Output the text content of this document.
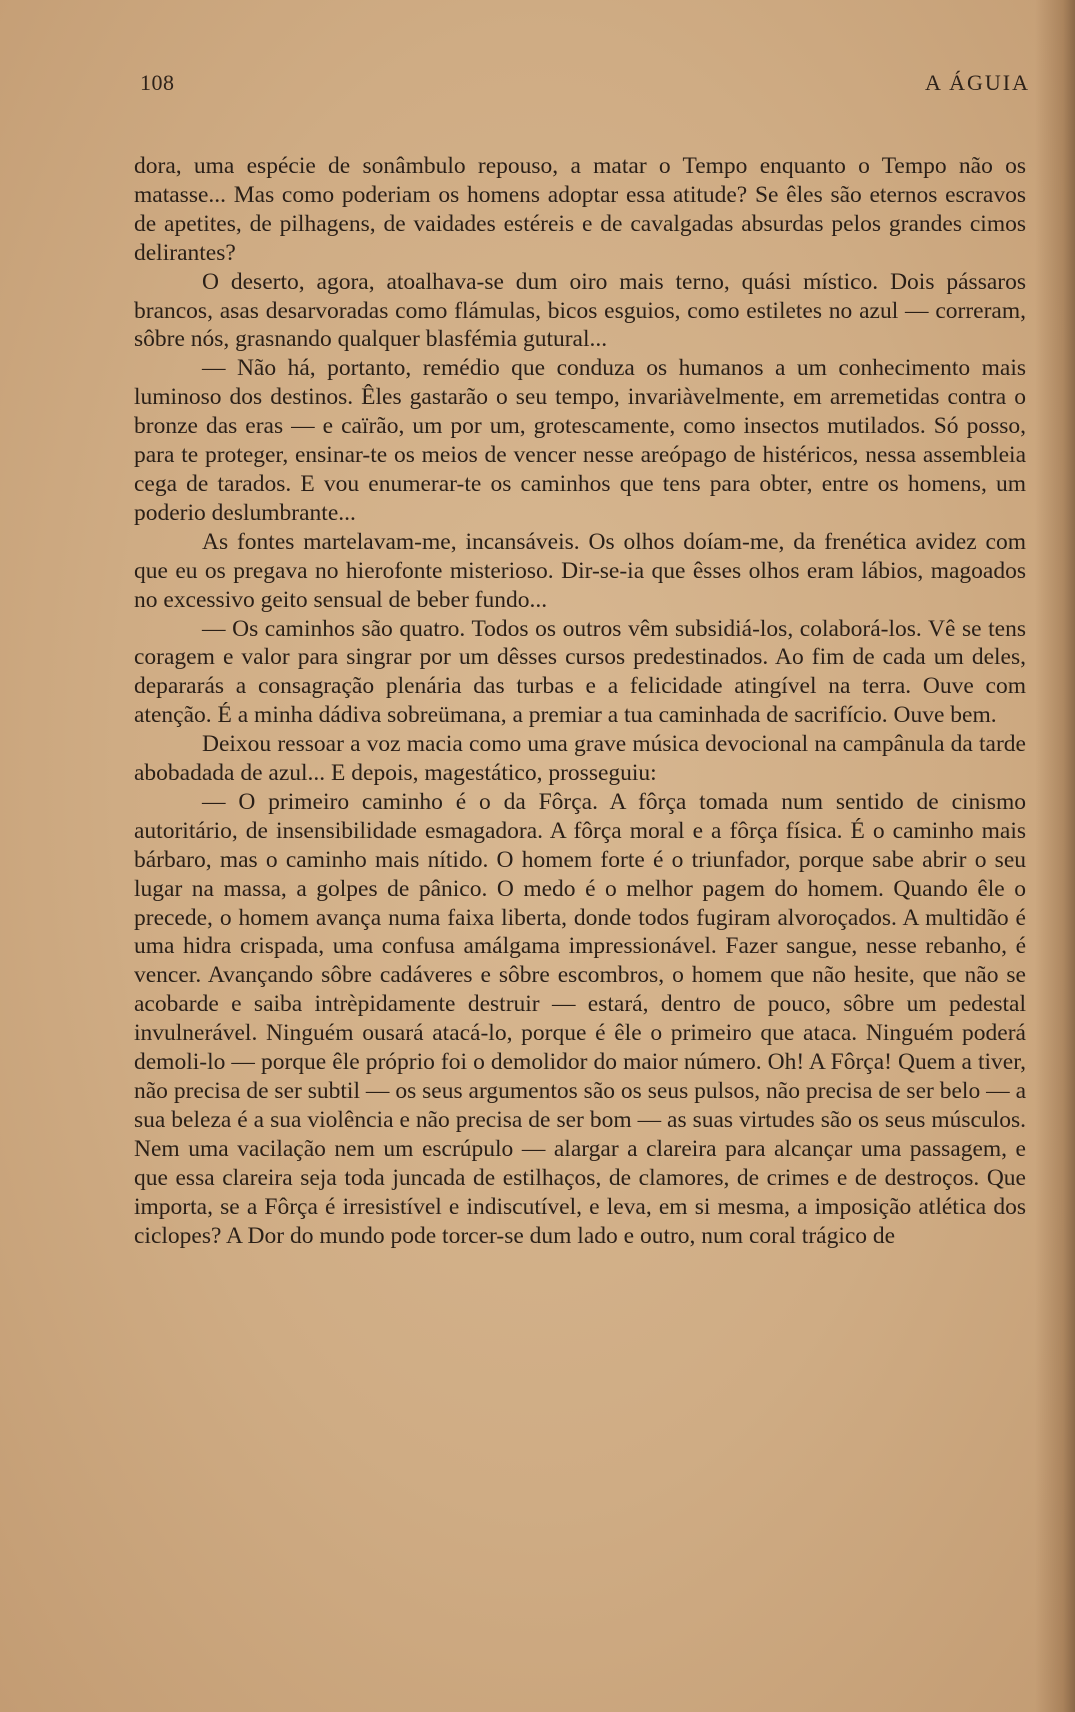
108	A ÁGUIA

dora, uma espécie de sonâmbulo repouso, a matar o Tempo enquanto o Tempo não os matasse... Mas como poderiam os homens adoptar essa atitude? Se êles são eternos escravos de apetites, de pilhagens, de vaidades estéreis e de cavalgadas absurdas pelos grandes cimos delirantes?

O deserto, agora, atoalhava-se dum oiro mais terno, quási místico. Dois pássaros brancos, asas desarvoradas como flámulas, bicos esguios, como estiletes no azul — correram, sôbre nós, grasnando qualquer blasfémia gutural...

— Não há, portanto, remédio que conduza os humanos a um conhecimento mais luminoso dos destinos. Êles gastarão o seu tempo, invariàvelmente, em arremetidas contra o bronze das eras — e caïrão, um por um, grotescamente, como insectos mutilados. Só posso, para te proteger, ensinar-te os meios de vencer nesse areópago de histéricos, nessa assembleia cega de tarados. E vou enumerar-te os caminhos que tens para obter, entre os homens, um poderio deslumbrante...

As fontes martelavam-me, incansáveis. Os olhos doíam-me, da frenética avidez com que eu os pregava no hierofonte misterioso. Dir-se-ia que êsses olhos eram lábios, magoados no excessivo geito sensual de beber fundo...

— Os caminhos são quatro. Todos os outros vêm subsidiá-los, colaborá-los. Vê se tens coragem e valor para singrar por um dêsses cursos predestinados. Ao fim de cada um deles, depararás a consagração plenária das turbas e a felicidade atingível na terra. Ouve com atenção. É a minha dádiva sobreümana, a premiar a tua caminhada de sacrifício. Ouve bem.

Deixou ressoar a voz macia como uma grave música devocional na campânula da tarde abobadada de azul... E depois, magestático, prosseguiu:

— O primeiro caminho é o da Fôrça. A fôrça tomada num sentido de cinismo autoritário, de insensibilidade esmagadora. A fôrça moral e a fôrça física. É o caminho mais bárbaro, mas o caminho mais nítido. O homem forte é o triunfador, porque sabe abrir o seu lugar na massa, a golpes de pânico. O medo é o melhor pagem do homem. Quando êle o precede, o homem avança numa faixa liberta, donde todos fugiram alvoroçados. A multidão é uma hidra crispada, uma confusa amálgama impressionável. Fazer sangue, nesse rebanho, é vencer. Avançando sôbre cadáveres e sôbre escombros, o homem que não hesite, que não se acobarde e saiba intrèpidamente destruir — estará, dentro de pouco, sôbre um pedestal invulnerável. Ninguém ousará atacá-lo, porque é êle o primeiro que ataca. Ninguém poderá demoli-lo — porque êle próprio foi o demolidor do maior número. Oh! A Fôrça! Quem a tiver, não precisa de ser subtil — os seus argumentos são os seus pulsos, não precisa de ser belo — a sua beleza é a sua violência e não precisa de ser bom — as suas virtudes são os seus músculos. Nem uma vacilação nem um escrúpulo — alargar a clareira para alcançar uma passagem, e que essa clareira seja toda juncada de estilhaços, de clamores, de crimes e de destroços. Que importa, se a Fôrça é irresistível e indiscutível, e leva, em si mesma, a imposição atlética dos ciclopes? A Dor do mundo pode torcer-se dum lado e outro, num coral trágico de
